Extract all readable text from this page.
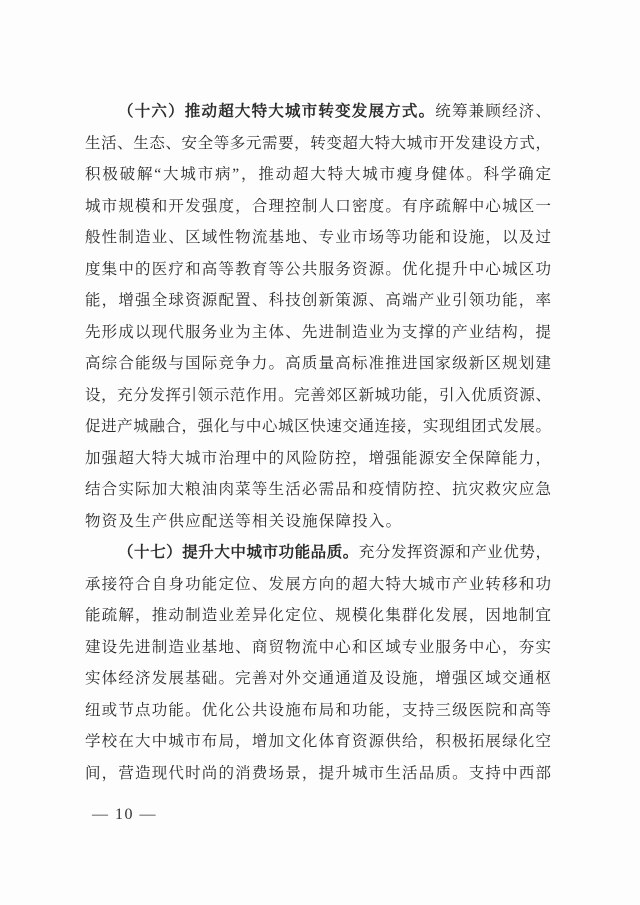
（十六）推动超大特大城市转变发展方式。统筹兼顾经济、
生活、生态、安全等多元需要，转变超大特大城市开发建设方式，
积极破解“大城市病”，推动超大特大城市瘦身健体。科学确定
城市规模和开发强度，合理控制人口密度。有序疏解中心城区一
般性制造业、区域性物流基地、专业市场等功能和设施，以及过
度集中的医疗和高等教育等公共服务资源。优化提升中心城区功
能，增强全球资源配置、科技创新策源、高端产业引领功能，率
先形成以现代服务业为主体、先进制造业为支撑的产业结构，提
高综合能级与国际竞争力。高质量高标准推进国家级新区规划建
设，充分发挥引领示范作用。完善郊区新城功能，引入优质资源、
促进产城融合，强化与中心城区快速交通连接，实现组团式发展。
加强超大特大城市治理中的风险防控，增强能源安全保障能力，
结合实际加大粮油肉菜等生活必需品和疫情防控、抗灾救灾应急
物资及生产供应配送等相关设施保障投入。
（十七）提升大中城市功能品质。充分发挥资源和产业优势，
承接符合自身功能定位、发展方向的超大特大城市产业转移和功
能疏解，推动制造业差异化定位、规模化集群化发展，因地制宜
建设先进制造业基地、商贸物流中心和区域专业服务中心，夯实
实体经济发展基础。完善对外交通通道及设施，增强区域交通枢
纽或节点功能。优化公共设施布局和功能，支持三级医院和高等
学校在大中城市布局，增加文化体育资源供给，积极拓展绿化空
间，营造现代时尚的消费场景，提升城市生活品质。支持中西部
— 10 —
